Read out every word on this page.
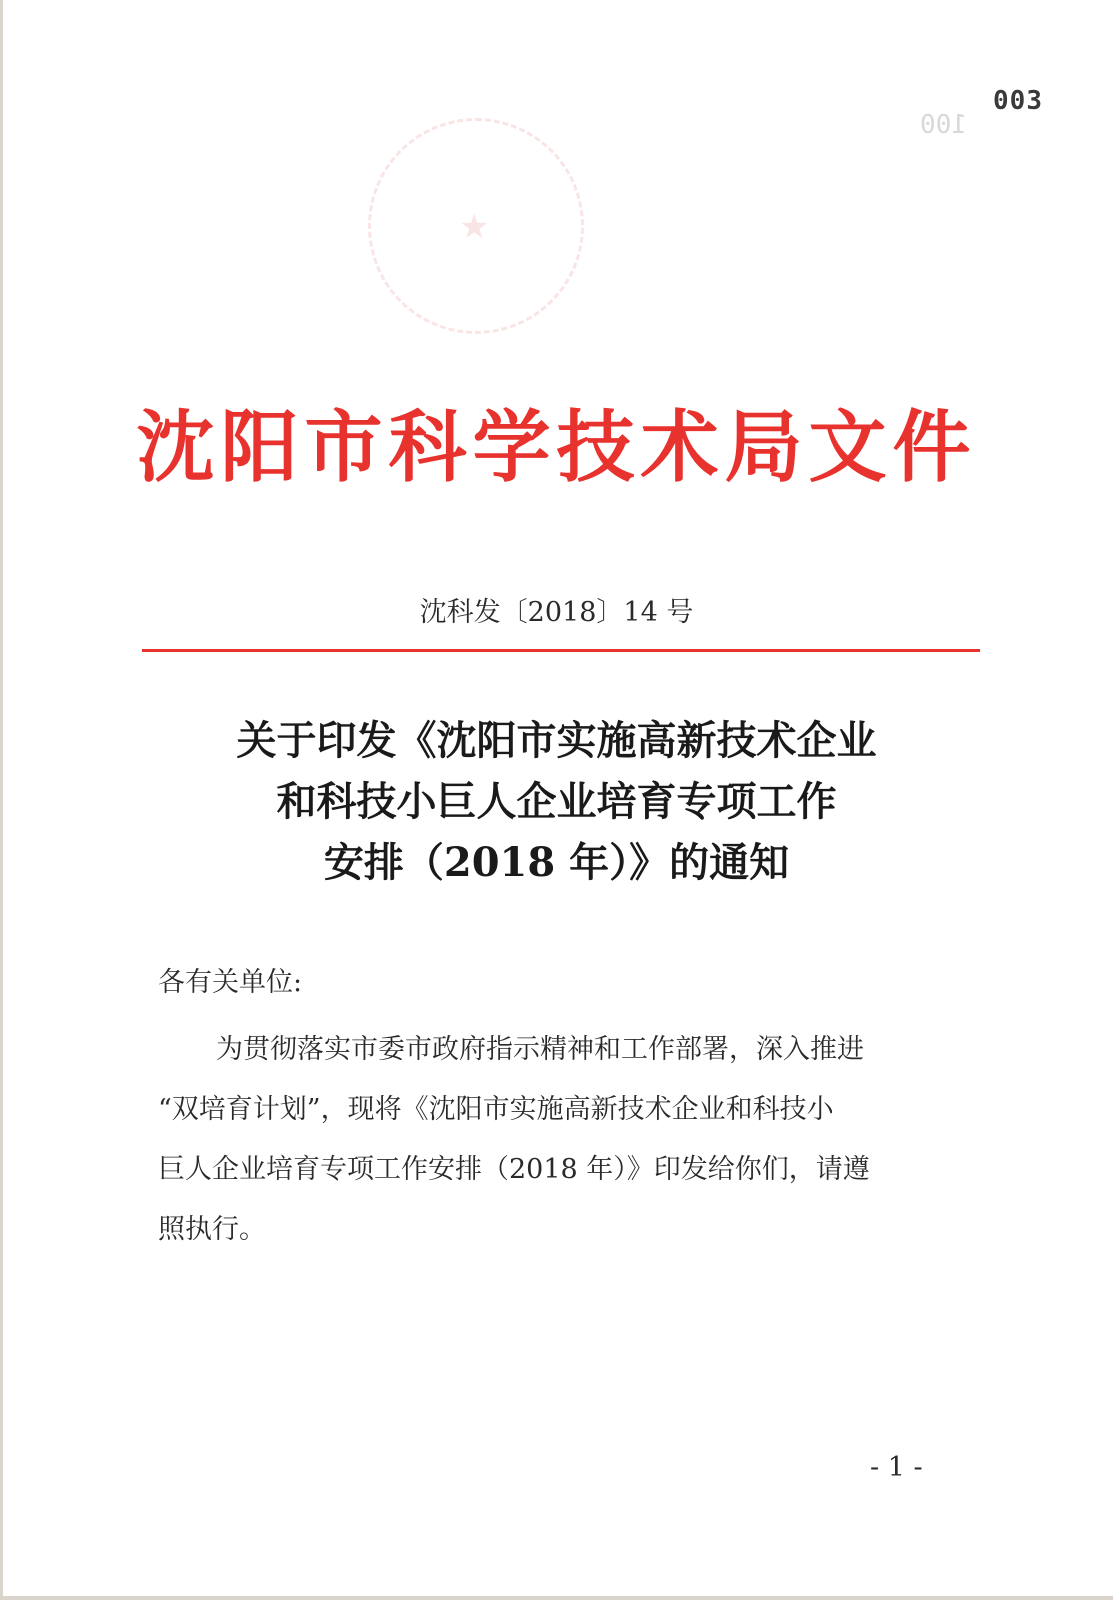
100
003
★
沈阳市科学技术局文件
沈科发〔2018〕14 号
关于印发《沈阳市实施高新技术企业
和科技小巨人企业培育专项工作
安排（2018 年）》的通知
各有关单位:
为贯彻落实市委市政府指示精神和工作部署，深入推进
“双培育计划”，现将《沈阳市实施高新技术企业和科技小
巨人企业培育专项工作安排（2018 年）》印发给你们，请遵
照执行。
- 1 -
